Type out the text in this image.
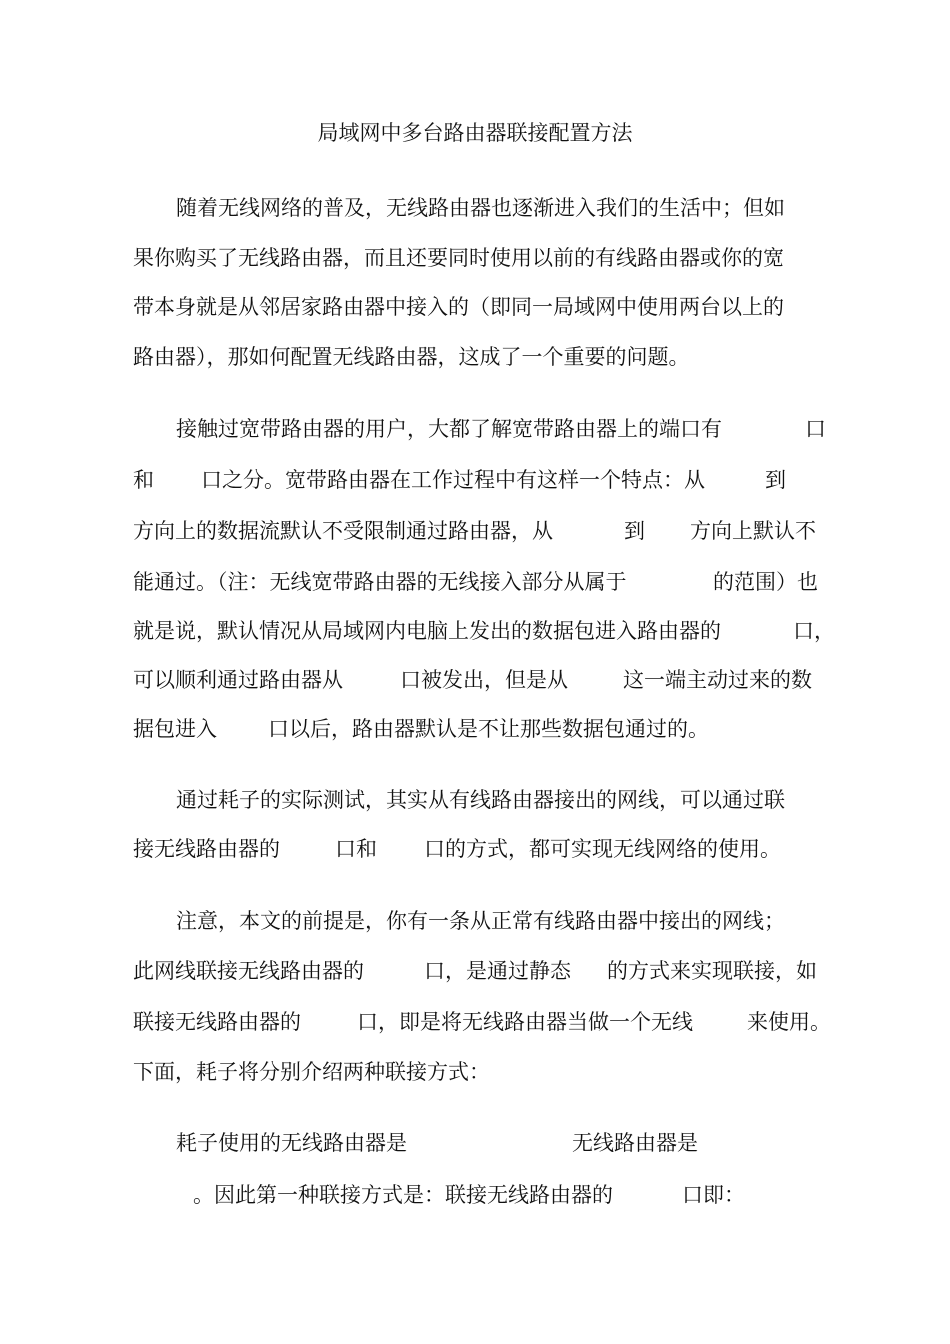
局域网中多台路由器联接配置方法
随着无线网络的普及，无线路由器也逐渐进入我们的生活中；但如
果你购买了无线路由器，而且还要同时使用以前的有线路由器或你的宽
带本身就是从邻居家路由器中接入的（即同一局域网中使用两台以上的
路由器），那如何配置无线路由器，这成了一个重要的问题。
接触过宽带路由器的用户，大都了解宽带路由器上的端口有	口
和 口之分。宽带路由器在工作过程中有这样一个特点：从	到
方向上的数据流默认不受限制通过路由器，从	到 方向上默认不
能通过。（注：无线宽带路由器的无线接入部分从属于	的范围）也
就是说，默认情况从局域网内电脑上发出的数据包进入路由器的	口，
可以顺利通过路由器从	口被发出，但是从	这一端主动过来的数
据包进入 口以后，路由器默认是不让那些数据包通过的。
通过耗子的实际测试，其实从有线路由器接出的网线，可以通过联
接无线路由器的	口和 口的方式，都可实现无线网络的使用。
注意，本文的前提是，你有一条从正常有线路由器中接出的网线；
此网线联接无线路由器的	口，是通过静态 的方式来实现联接，如
联接无线路由器的	口，即是将无线路由器当做一个无线	来使用。
下面，耗子将分别介绍两种联接方式：
耗子使用的无线路由器是	无线路由器是
。因此第一种联接方式是：联接无线路由器的	口即：
